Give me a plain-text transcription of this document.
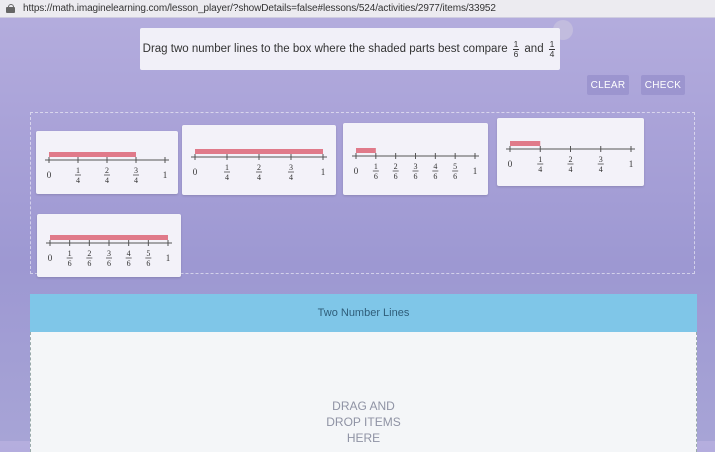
https://math.imaginelearning.com/lesson_player/?showDetails=false#lessons/524/activities/2977/items/33952
Drag two number lines to the box where the shaded parts best compare $\frac{1}{6}$ and $\frac{1}{4}$
CLEAR	CHECK
0	1
4
2
4
3
4
1	0	1
4
2
4
3
4
1	0 1
6
2
6
3
6
4
6
5
6
1
0	1
4
2
4
3
4
1
0 1
6
2
6
3
6
4
6
5
6
1
Two Number Lines
DRAG AND
DROP ITEMS
HERE
